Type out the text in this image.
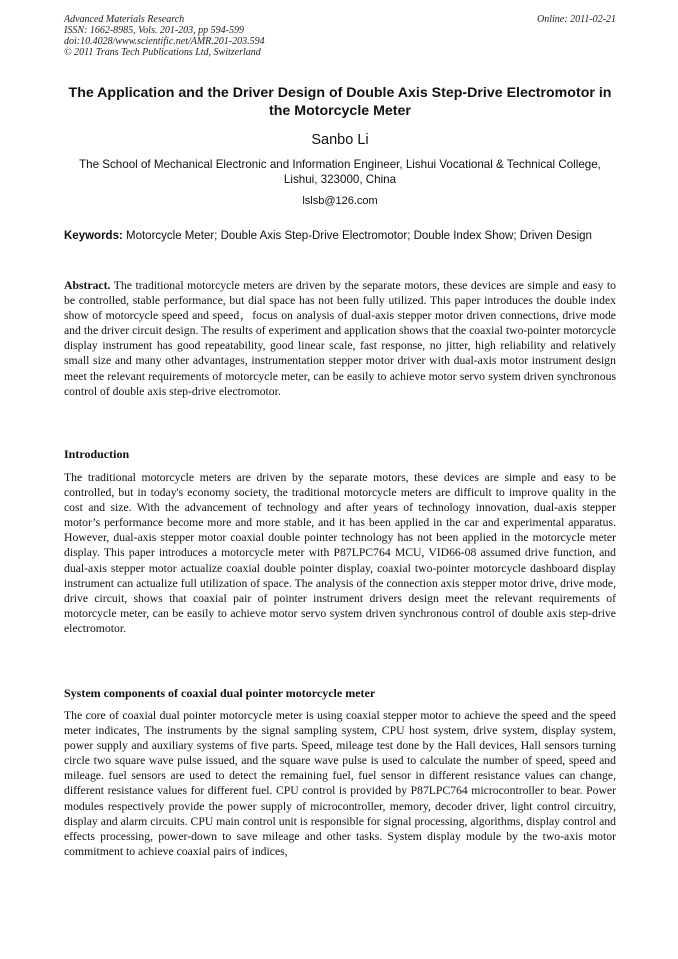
Advanced Materials Research
ISSN: 1662-8985, Vols. 201-203, pp 594-599
doi:10.4028/www.scientific.net/AMR.201-203.594
© 2011 Trans Tech Publications Ltd, Switzerland
Online: 2011-02-21
The Application and the Driver Design of Double Axis Step-Drive Electromotor in the Motorcycle Meter
Sanbo Li
The School of Mechanical Electronic and Information Engineer, Lishui Vocational & Technical College, Lishui, 323000, China
lslsb@126.com
Keywords: Motorcycle Meter; Double Axis Step-Drive Electromotor; Double Index Show; Driven Design
Abstract. The traditional motorcycle meters are driven by the separate motors, these devices are simple and easy to be controlled, stable performance, but dial space has not been fully utilized. This paper introduces the double index show of motorcycle speed and speed，focus on analysis of dual-axis stepper motor driven connections, drive mode and the driver circuit design. The results of experiment and application shows that the coaxial two-pointer motorcycle display instrument has good repeatability, good linear scale, fast response, no jitter, high reliability and relatively small size and many other advantages, instrumentation stepper motor driver with dual-axis motor instrument design meet the relevant requirements of motorcycle meter, can be easily to achieve motor servo system driven synchronous control of double axis step-drive electromotor.
Introduction
The traditional motorcycle meters are driven by the separate motors, these devices are simple and easy to be controlled, but in today's economy society, the traditional motorcycle meters are difficult to improve quality in the cost and size. With the advancement of technology and after years of technology innovation, dual-axis stepper motor’s performance become more and more stable, and it has been applied in the car and experimental apparatus. However, dual-axis stepper motor coaxial double pointer technology has not been applied in the motorcycle meter display. This paper introduces a motorcycle meter with P87LPC764 MCU, VID66-08 assumed drive function, and dual-axis stepper motor actualize coaxial double pointer display, coaxial two-pointer motorcycle dashboard display instrument can actualize full utilization of space. The analysis of the connection axis stepper motor drive, drive mode, drive circuit, shows that coaxial pair of pointer instrument drivers design meet the relevant requirements of motorcycle meter, can be easily to achieve motor servo system driven synchronous control of double axis step-drive electromotor.
System components of coaxial dual pointer motorcycle meter
The core of coaxial dual pointer motorcycle meter is using coaxial stepper motor to achieve the speed and the speed meter indicates, The instruments by the signal sampling system, CPU host system, drive system, display system, power supply and auxiliary systems of five parts. Speed, mileage test done by the Hall devices, Hall sensors turning circle two square wave pulse issued, and the square wave pulse is used to calculate the number of speed, speed and mileage. fuel sensors are used to detect the remaining fuel, fuel sensor in different resistance values can change, different resistance values for different fuel. CPU control is provided by P87LPC764 microcontroller to bear. Power modules respectively provide the power supply of microcontroller, memory, decoder driver, light control circuitry, display and alarm circuits. CPU main control unit is responsible for signal processing, algorithms, display control and effects processing, power-down to save mileage and other tasks. System display module by the two-axis motor commitment to achieve coaxial pairs of indices,
